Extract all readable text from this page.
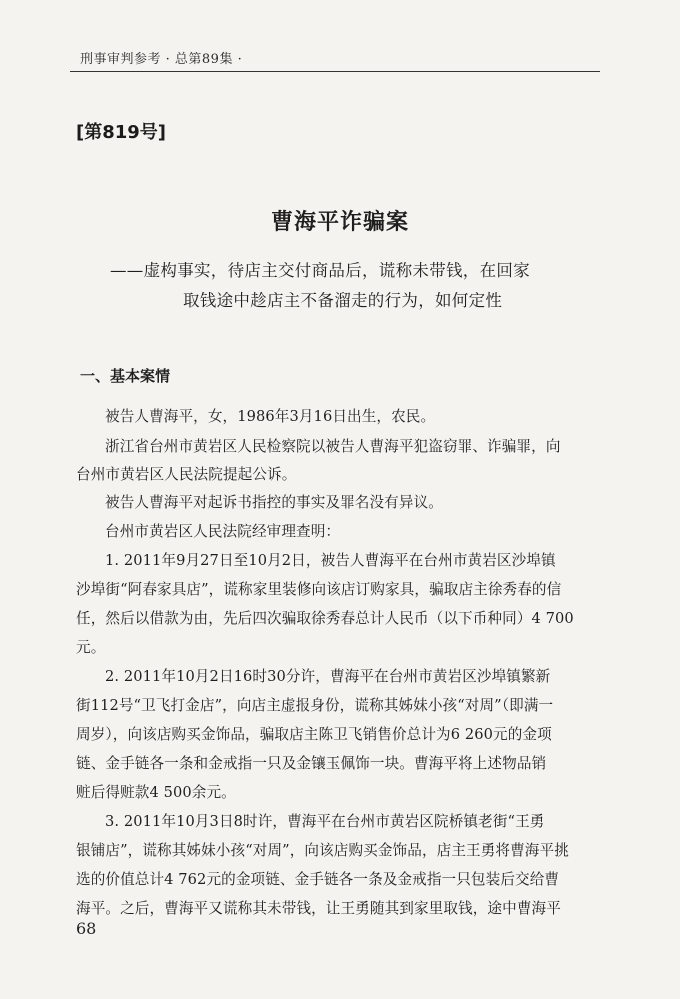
刑事审判参考 · 总第89集 ·
[第819号]
曹海平诈骗案
——虚构事实，待店主交付商品后，谎称未带钱，在回家
取钱途中趁店主不备溜走的行为，如何定性
一、基本案情
被告人曹海平，女，1986年3月16日出生，农民。
浙江省台州市黄岩区人民检察院以被告人曹海平犯盗窃罪、诈骗罪，向
台州市黄岩区人民法院提起公诉。
被告人曹海平对起诉书指控的事实及罪名没有异议。
台州市黄岩区人民法院经审理查明：
1. 2011年9月27日至10月2日，被告人曹海平在台州市黄岩区沙埠镇
沙埠街“阿春家具店”，谎称家里装修向该店订购家具，骗取店主徐秀春的信
任，然后以借款为由，先后四次骗取徐秀春总计人民币（以下币种同）4 700
元。
2. 2011年10月2日16时30分许，曹海平在台州市黄岩区沙埠镇繁新
街112号“卫飞打金店”，向店主虚报身份，谎称其姊妹小孩“对周”（即满一
周岁），向该店购买金饰品，骗取店主陈卫飞销售价总计为6 260元的金项
链、金手链各一条和金戒指一只及金镶玉佩饰一块。曹海平将上述物品销
赃后得赃款4 500余元。
3. 2011年10月3日8时许，曹海平在台州市黄岩区院桥镇老街“王勇
银铺店”，谎称其姊妹小孩“对周”，向该店购买金饰品，店主王勇将曹海平挑
选的价值总计4 762元的金项链、金手链各一条及金戒指一只包装后交给曹
海平。之后，曹海平又谎称其未带钱，让王勇随其到家里取钱，途中曹海平
68
